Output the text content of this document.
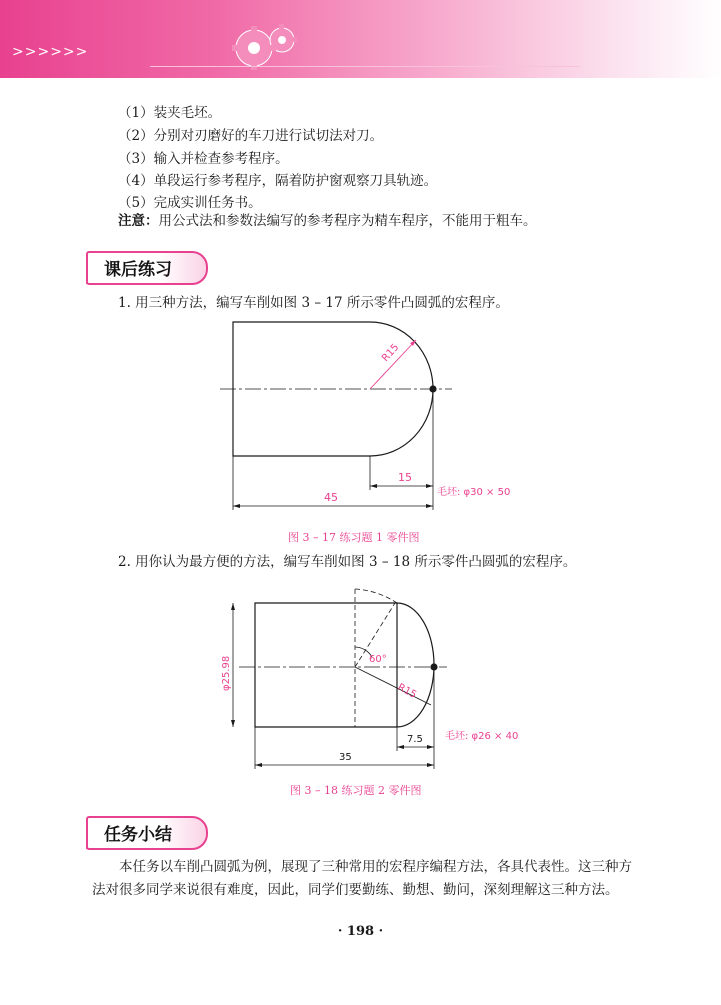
>>>>>>
（1）装夹毛坯。
（2）分别对刃磨好的车刀进行试切法对刀。
（3）输入并检查参考程序。
（4）单段运行参考程序，隔着防护窗观察刀具轨迹。
（5）完成实训任务书。
注意：用公式法和参数法编写的参考程序为精车程序，不能用于粗车。
课后练习
1. 用三种方法，编写车削如图 3 – 17 所示零件凸圆弧的宏程序。
R15
15
45	毛坯: φ30 × 50
图 3 – 17 练习题 1 零件图
2. 用你认为最方便的方法，编写车削如图 3 – 18 所示零件凸圆弧的宏程序。
60°
R15
φ25.98
7.5
35
毛坯: φ26 × 40
图 3 – 18 练习题 2 零件图
任务小结
本任务以车削凸圆弧为例，展现了三种常用的宏程序编程方法，各具代表性。这三种方法对很多同学来说很有难度，因此，同学们要勤练、勤想、勤问，深刻理解这三种方法。
· 198 ·
